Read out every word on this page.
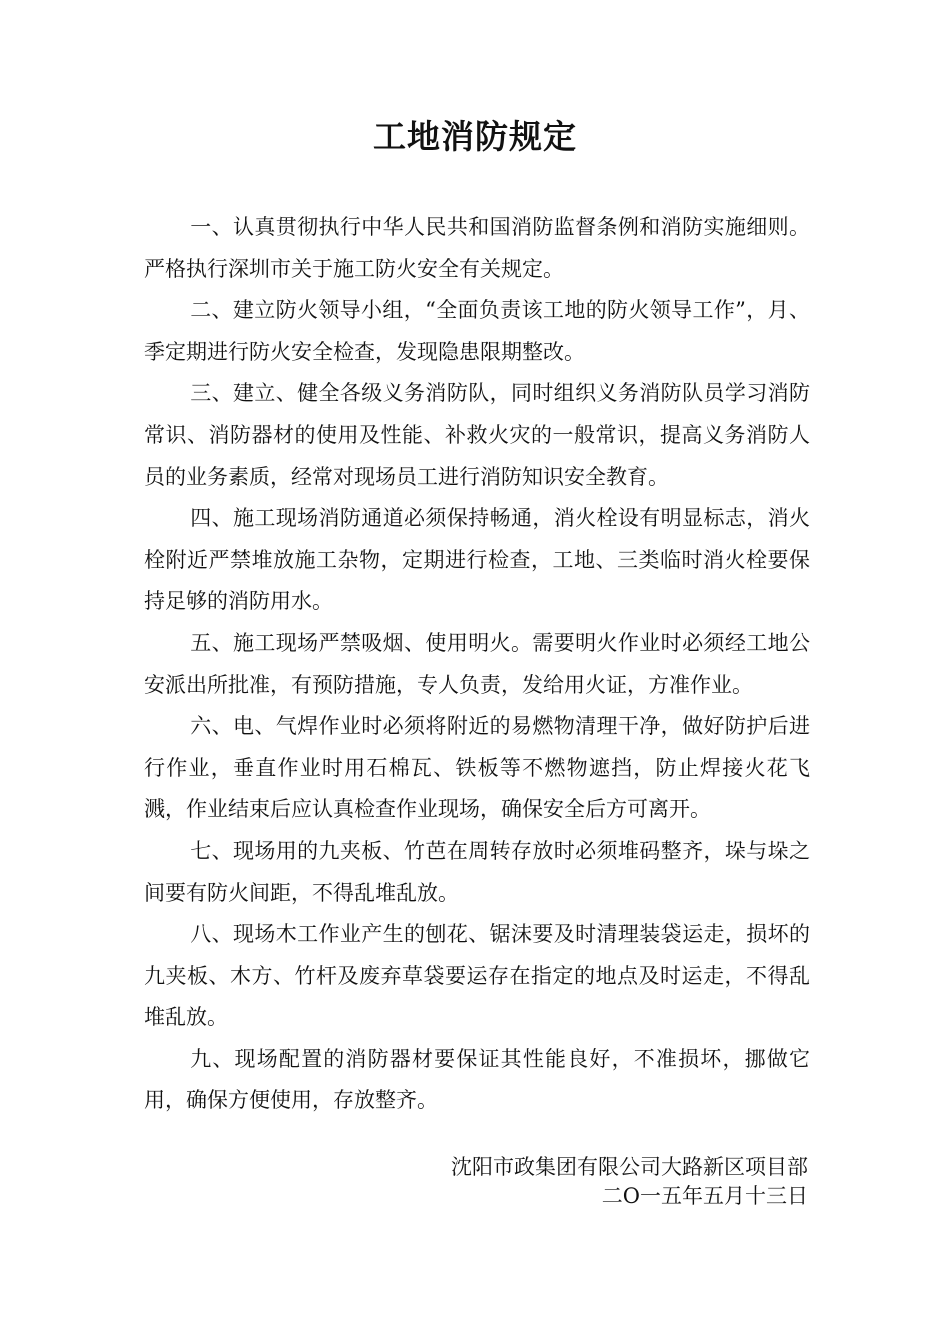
工地消防规定

一、认真贯彻执行中华人民共和国消防监督条例和消防实施细则。严格执行深圳市关于施工防火安全有关规定。

二、建立防火领导小组，“全面负责该工地的防火领导工作”，月、季定期进行防火安全检查，发现隐患限期整改。

三、建立、健全各级义务消防队，同时组织义务消防队员学习消防常识、消防器材的使用及性能、补救火灾的一般常识，提高义务消防人员的业务素质，经常对现场员工进行消防知识安全教育。

四、施工现场消防通道必须保持畅通，消火栓设有明显标志，消火栓附近严禁堆放施工杂物，定期进行检查，工地、三类临时消火栓要保持足够的消防用水。

五、施工现场严禁吸烟、使用明火。需要明火作业时必须经工地公安派出所批准，有预防措施，专人负责，发给用火证，方准作业。

六、电、气焊作业时必须将附近的易燃物清理干净，做好防护后进行作业，垂直作业时用石棉瓦、铁板等不燃物遮挡，防止焊接火花飞溅，作业结束后应认真检查作业现场，确保安全后方可离开。

七、现场用的九夹板、竹芭在周转存放时必须堆码整齐，垛与垛之间要有防火间距，不得乱堆乱放。

八、现场木工作业产生的刨花、锯沫要及时清理装袋运走，损坏的九夹板、木方、竹杆及废弃草袋要运存在指定的地点及时运走，不得乱堆乱放。

九、现场配置的消防器材要保证其性能良好，不准损坏，挪做它用，确保方便使用，存放整齐。

沈阳市政集团有限公司大路新区项目部
二O一五年五月十三日
